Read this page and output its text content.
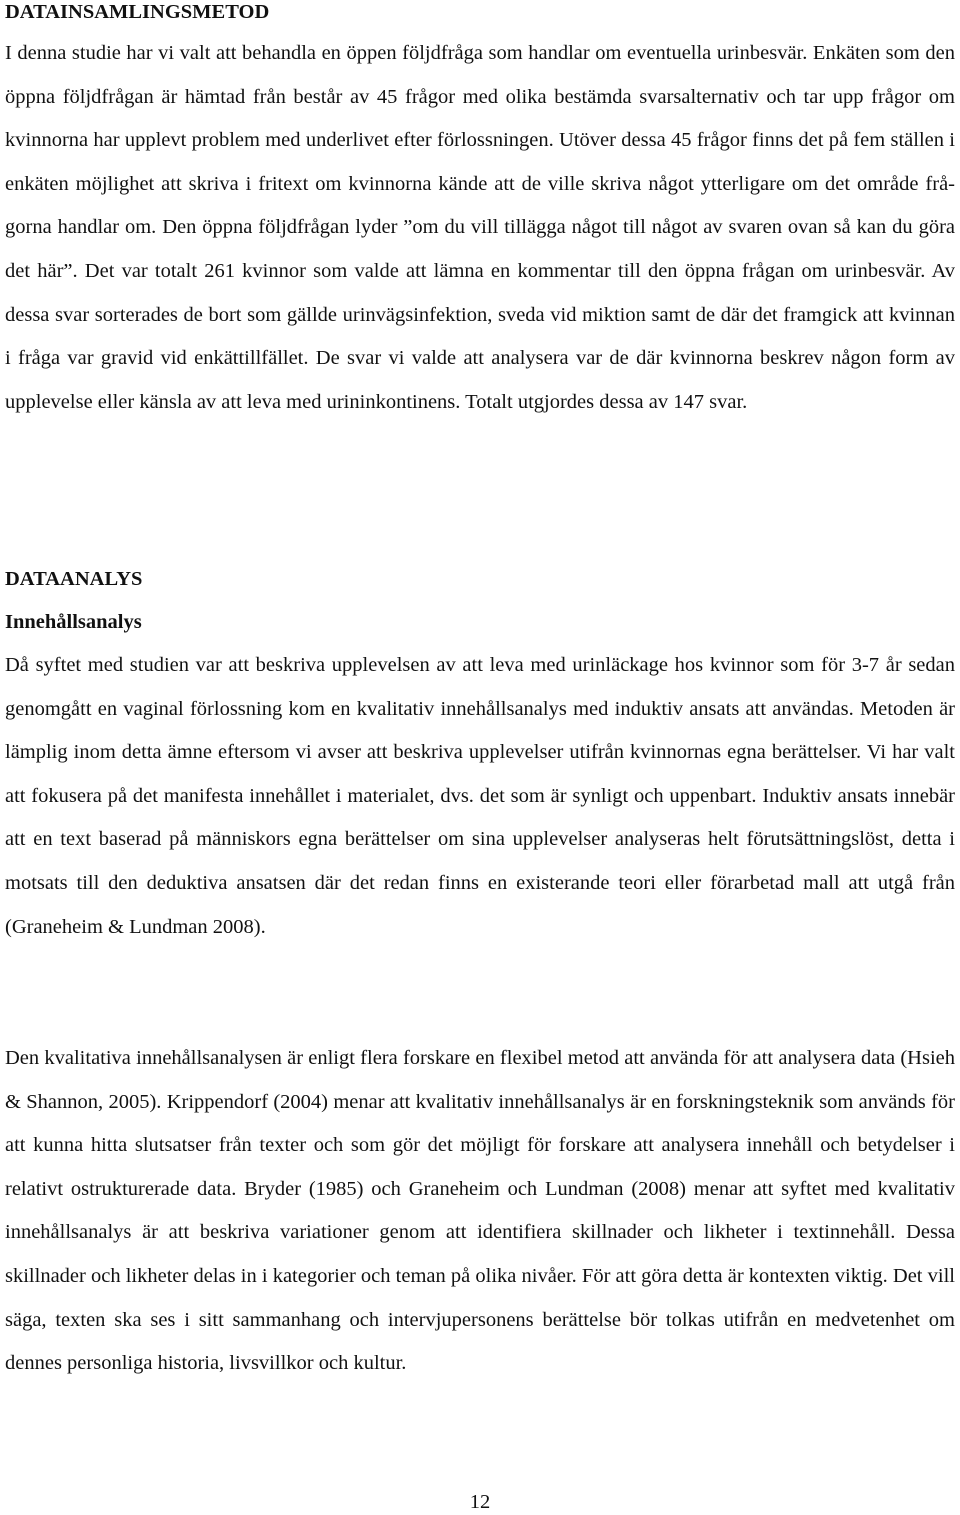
DATAINSAMLINGSMETOD

I denna studie har vi valt att behandla en öppen följdfråga som handlar om eventuella urinbesvär. Enkäten som den öppna följdfrågan är hämtad från består av 45 frågor med olika bestämda svarsalternativ och tar upp frågor om kvinnorna har upplevt problem med underlivet efter förlossningen. Utöver dessa 45 frågor finns det på fem ställen i enkäten möjlighet att skriva i fritext om kvinnorna kände att de ville skriva något ytterligare om det område frågorna handlar om. Den öppna följdfrågan lyder ”om du vill tillägga något till något av svaren ovan så kan du göra det här”. Det var totalt 261 kvinnor som valde att lämna en kommentar till den öppna frågan om urinbesvär. Av dessa svar sorterades de bort som gällde urinvägsinfektion, sveda vid miktion samt de där det framgick att kvinnan i fråga var gravid vid enkättillfället. De svar vi valde att analysera var de där kvinnorna beskrev någon form av upplevelse eller känsla av att leva med urininkontinens. Totalt utgjordes dessa av 147 svar.

DATAANALYS
Innehållsanalys

Då syftet med studien var att beskriva upplevelsen av att leva med urinläckage hos kvinnor som för 3-7 år sedan genomgått en vaginal förlossning kom en kvalitativ innehållsanalys med induktiv ansats att användas. Metoden är lämplig inom detta ämne eftersom vi avser att beskriva upplevelser utifrån kvinnornas egna berättelser. Vi har valt att fokusera på det manifesta innehållet i materialet, dvs. det som är synligt och uppenbart. Induktiv ansats innebär att en text baserad på människors egna berättelser om sina upplevelser analyseras helt förutsättningslöst, detta i motsats till den deduktiva ansatsen där det redan finns en existerande teori eller förarbetad mall att utgå från (Graneheim & Lundman 2008).

Den kvalitativa innehållsanalysen är enligt flera forskare en flexibel metod att använda för att analysera data (Hsieh & Shannon, 2005). Krippendorf (2004) menar att kvalitativ innehållsanalys är en forskningsteknik som används för att kunna hitta slutsatser från texter och som gör det möjligt för forskare att analysera innehåll och betydelser i relativt ostrukturerade data. Bryder (1985) och Graneheim och Lundman (2008) menar att syftet med kvalitativ innehållsanalys är att beskriva variationer genom att identifiera skillnader och likheter i textinnehåll. Dessa skillnader och likheter delas in i kategorier och teman på olika nivåer. För att göra detta är kontexten viktig. Det vill säga, texten ska ses i sitt sammanhang och intervjupersonens berättelse bör tolkas utifrån en medvetenhet om dennes personliga historia, livsvillkor och kultur.

12
